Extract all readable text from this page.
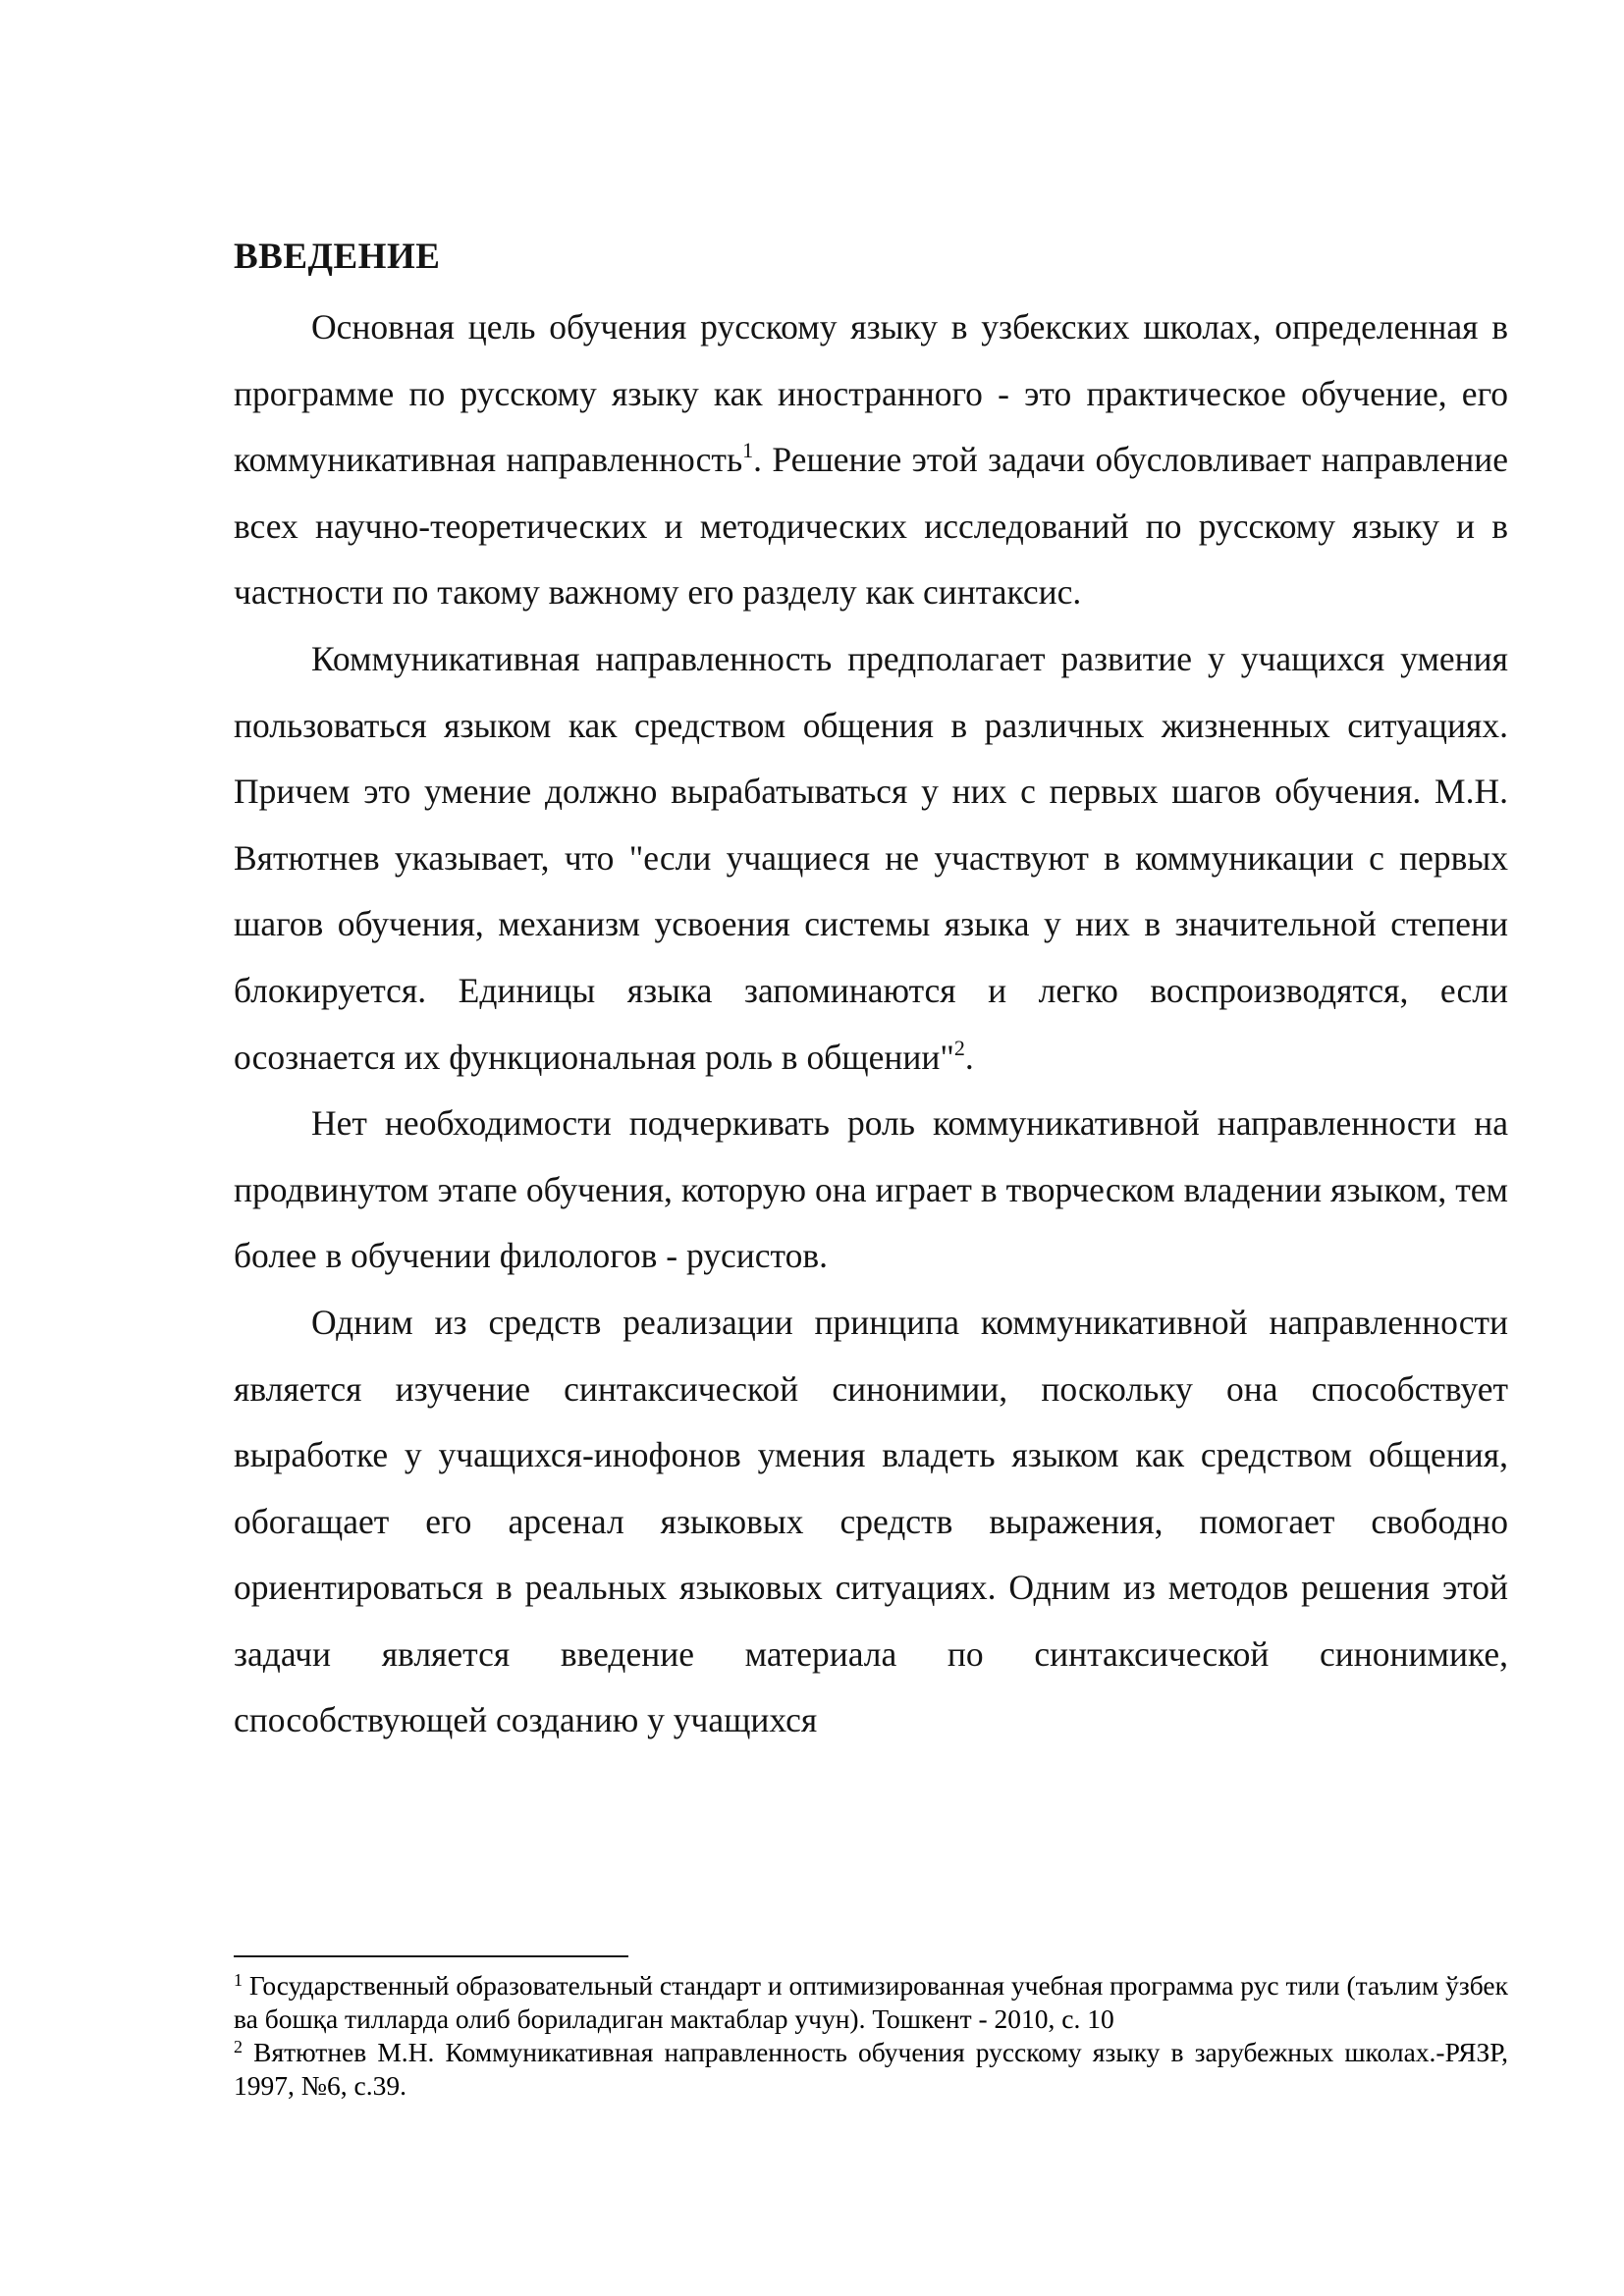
ВВЕДЕНИЕ

Основная цель обучения русскому языку в узбекских школах, определенная в программе по русскому языку как иностранного - это практическое обучение, его коммуникативная направленность$^1$. Решение этой задачи обусловливает направление всех научно-теоретических и методических исследований по русскому языку и в частности по такому важному его разделу как синтаксис.

Коммуникативная направленность предполагает развитие у учащихся умения пользоваться языком как средством общения в различных жизненных ситуациях. Причем это умение должно вырабатываться у них с первых шагов обучения. М.Н. Вятютнев указывает, что "если учащиеся не участвуют в коммуникации с первых шагов обучения, механизм усвоения системы языка у них в значительной степени блокируется. Единицы языка запоминаются и легко воспроизводятся, если осознается их функциональная роль в общении"$^2$.

Нет необходимости подчеркивать роль коммуникативной направленности на продвинутом этапе обучения, которую она играет в творческом владении языком, тем более в обучении филологов - русистов.

Одним из средств реализации принципа коммуникативной направленности является изучение синтаксической синонимии, поскольку она способствует выработке у учащихся-инофонов умения владеть языком как средством общения, обогащает его арсенал языковых средств выражения, помогает свободно ориентироваться в реальных языковых ситуациях. Одним из методов решения этой задачи является введение материала по синтаксической синонимике, способствующей созданию у учащихся

$^1$ Государственный образовательный стандарт и оптимизированная учебная программа рус тили (таълим ўзбек ва бошқа тилларда олиб бориладиган мактаблар учун). Тошкент - 2010, с. 10

$^2$ Вятютнев М.Н. Коммуникативная направленность обучения русскому языку в зарубежных школах.-РЯЗР, 1997, №6, с.39.
